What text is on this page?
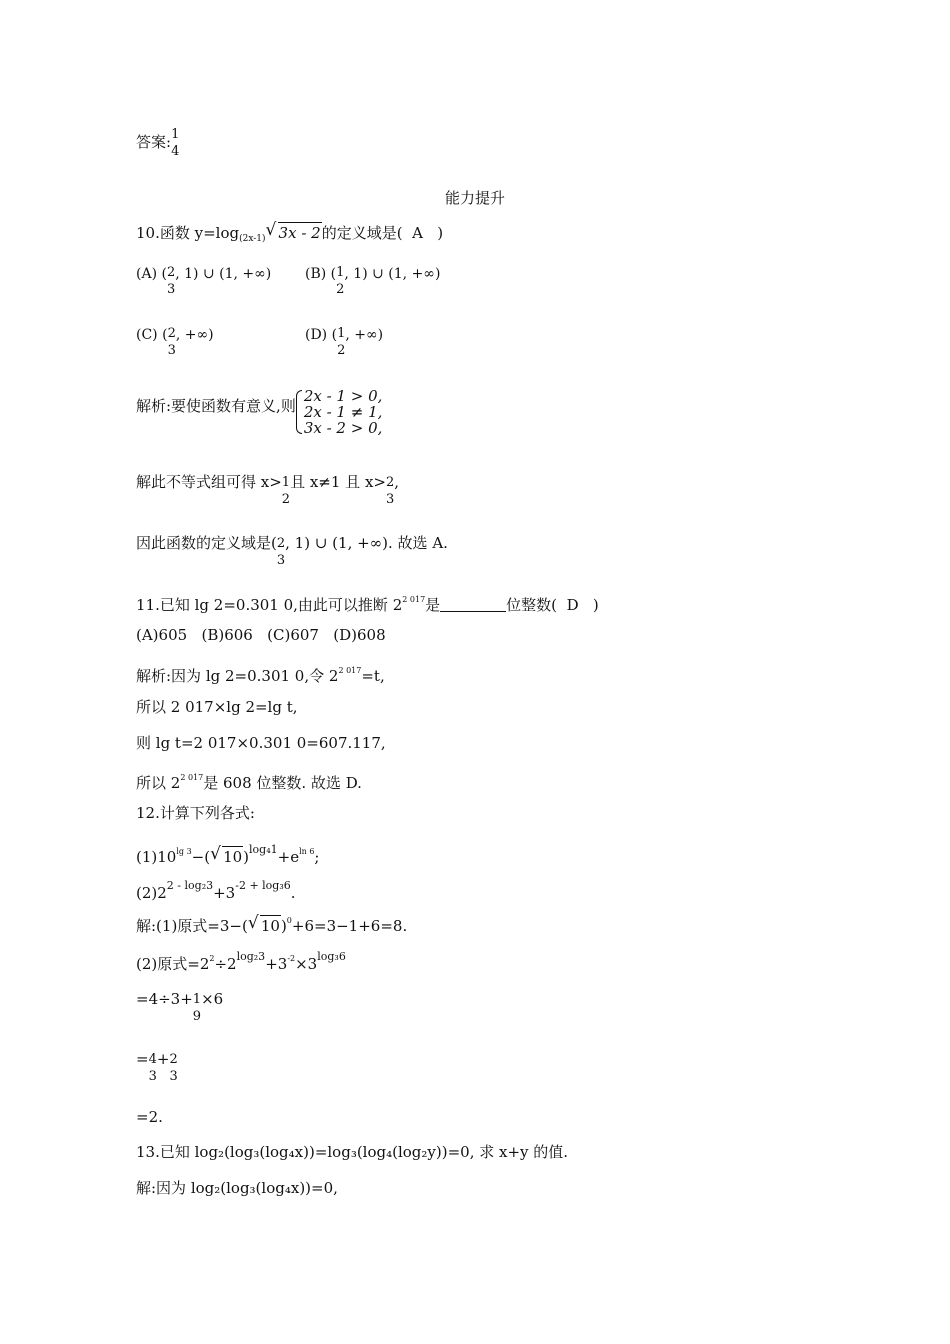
答案: 1
4
能力提升
10.函数 $y=\log_{(2x-1)}√$ 3x - 2的定义域是( A )
(A) ( 2
3
, 1) ∪ (1, +∞) (B) ( 1
2
, 1) ∪ (1, +∞)
(C) ( 2
3
, +∞)	(D) ( 1
2
, +∞)
解析:要使函数有意义,则
2x - 1 > 0,
2x - 1 ≠ 1,
3x - 2 > 0,
解此不等式组可得 x> 1
2
且 x≠1 且 x> 2
3
,
因此函数的定义域是( 2
3
, 1) ∪ (1, +∞). 故选 A.
11.已知 lg 2=0.301 0,由此可以推断 $2^{2 017}$是	位整数( D )
(A)605   (B)606   (C)607   (D)608
解析:因为 lg 2=0.301 0,令 $2^{2 017}=t$,
所以 2 017×lg 2=lg t,
则 lg t=2 017×0.301 0=607.117,
所以 $2^{2 017}$是 608 位整数. 故选 D.
12.计算下列各式:
$(1)10^{lg 3}-(√$ $10)^{log_41}+e^{ln 6}$;
$(2)2^{2 - log_23}+3^{-2 + log_36}$.
解:(1)原式=3−(√ 10)$^0$+6=3−1+6=8.
(2)原式$=2^2\div 2^{log_23}+3^{-2}\times 3^{log_36}$
=4÷3+ 1
9
×6
= 4
3
+ 2
3
=2.
13.已知 log₂(log₃(log₄x))=log₃(log₄(log₂y))=0, 求 x+y 的值.
解:因为 log₂(log₃(log₄x))=0,
